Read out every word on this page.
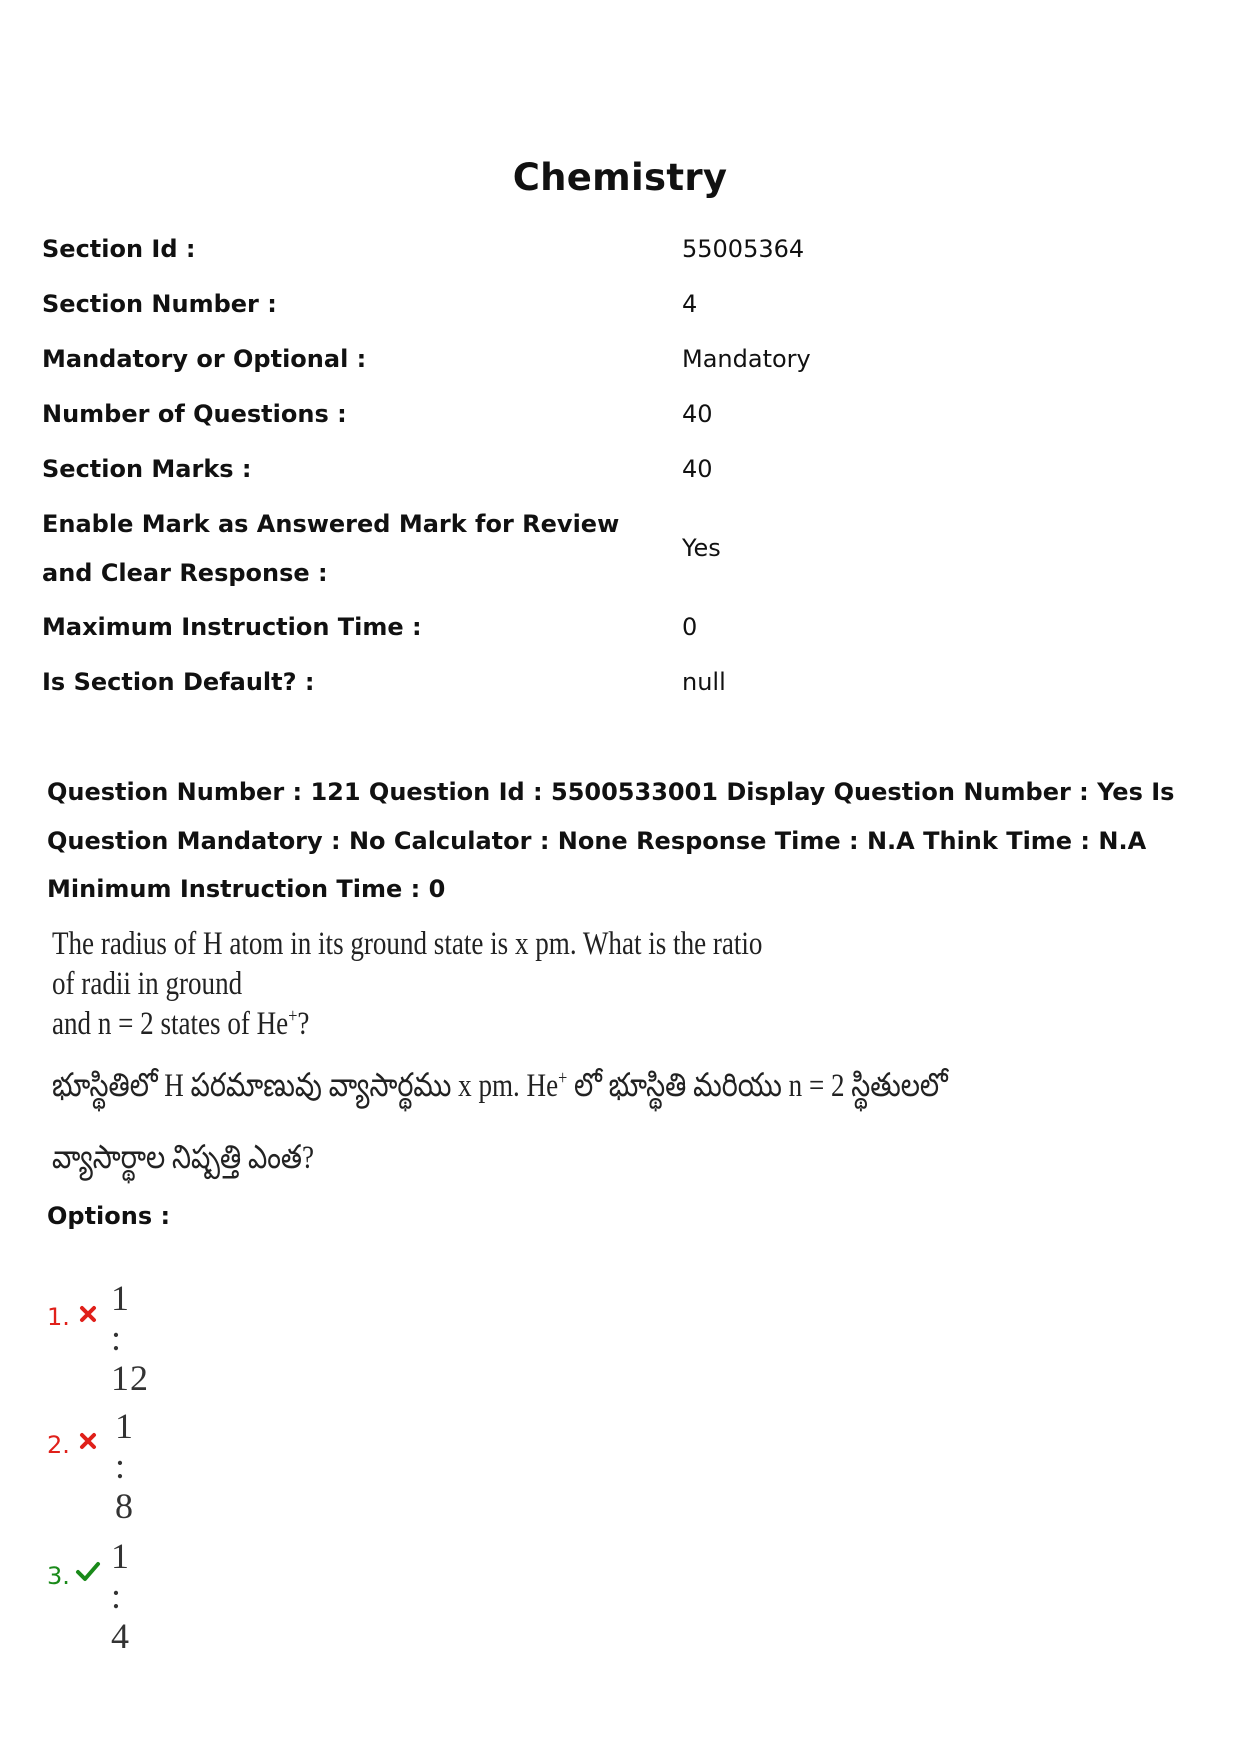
Chemistry
Section Id :	55005364
Section Number :	4
Mandatory or Optional :	Mandatory
Number of Questions :	40
Section Marks :	40
Enable Mark as Answered Mark for Review and Clear Response :
Yes
Maximum Instruction Time :	0
Is Section Default? :	null
Question Number : 121 Question Id : 5500533001 Display Question Number : Yes Is Question Mandatory : No Calculator : None Response Time : N.A Think Time : N.A Minimum Instruction Time : 0
The radius of H atom in its ground state is x pm. What is the ratio of radii in ground
and n = 2 states of He+?
భూస్థితిలో H పరమాణువు వ్యాసార్థము x pm. He+ లో భూస్థితి మరియు n = 2 స్థితులలో
వ్యాసార్థాల నిష్పత్తి ఎంత?
Options :
1. 1 : 12
2. 1 : 8
3. 1 : 4
